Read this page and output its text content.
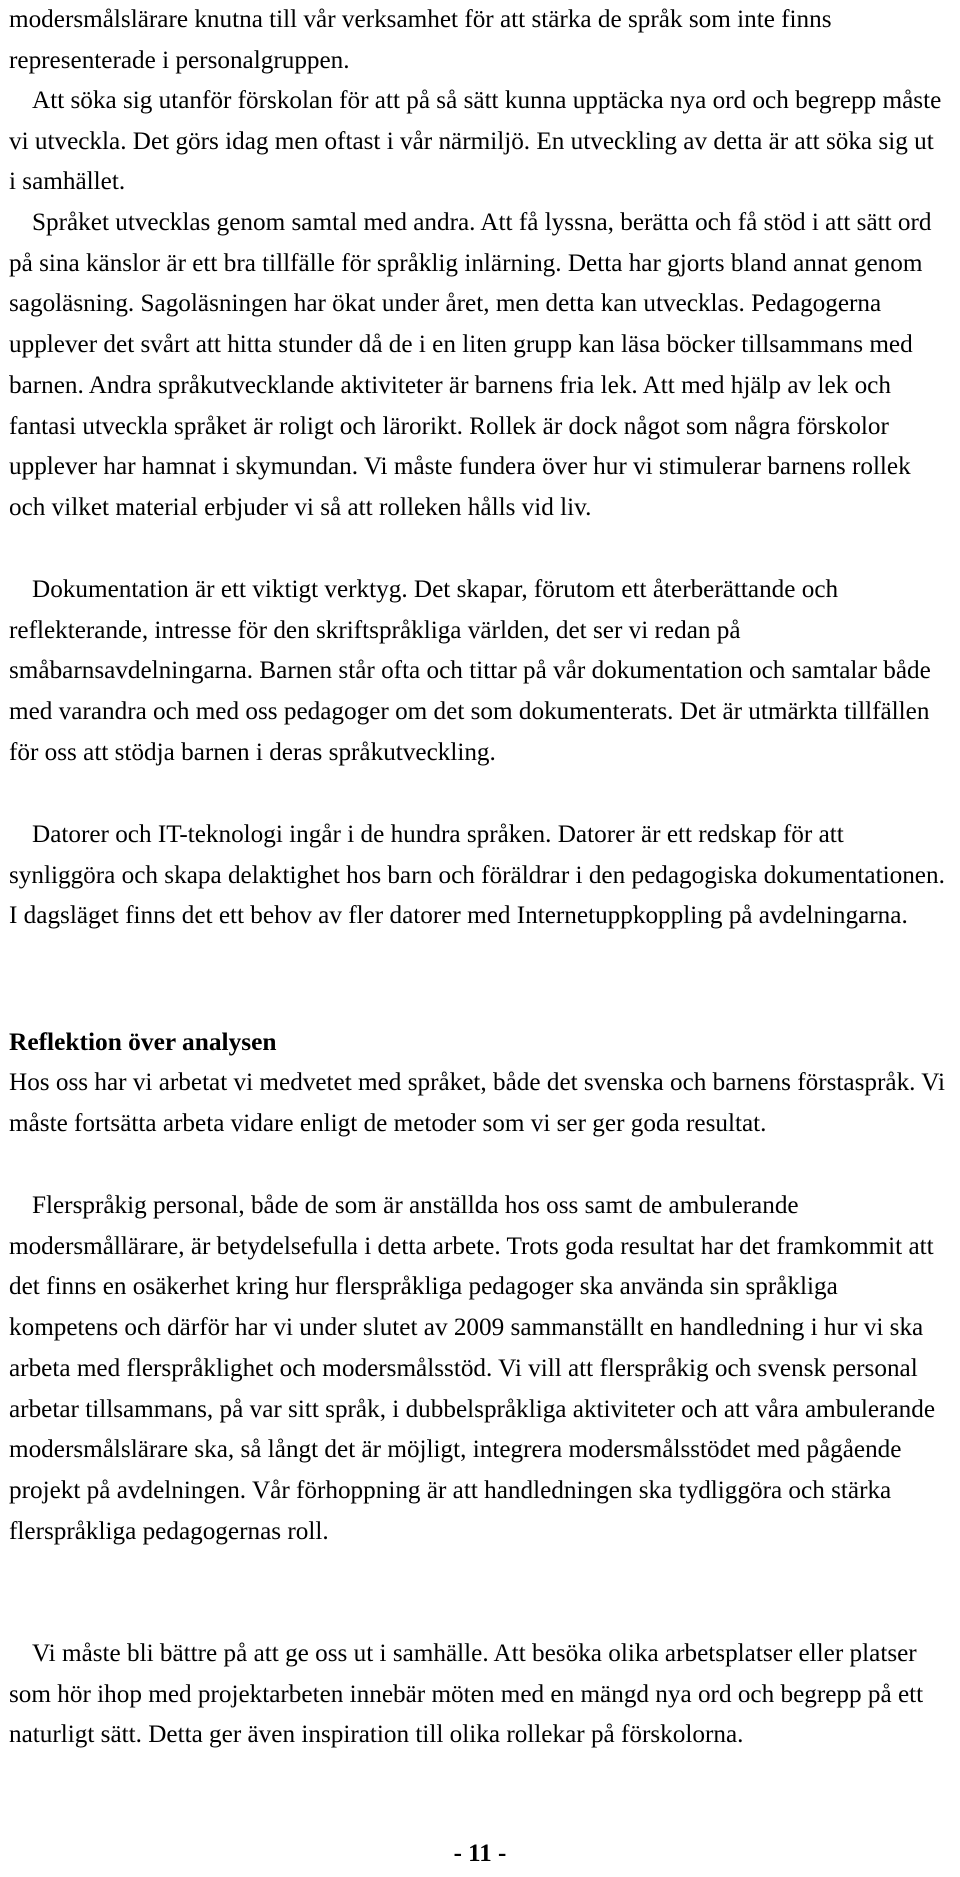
modersmålslärare knutna till vår verksamhet för att stärka de språk som inte finns representerade i personalgruppen.

Att söka sig utanför förskolan för att på så sätt kunna upptäcka nya ord och begrepp måste vi utveckla. Det görs idag men oftast i vår närmiljö. En utveckling av detta är att söka sig ut i samhället.

Språket utvecklas genom samtal med andra. Att få lyssna, berätta och få stöd i att sätt ord på sina känslor är ett bra tillfälle för språklig inlärning. Detta har gjorts bland annat genom sagoläsning. Sagoläsningen har ökat under året, men detta kan utvecklas. Pedagogerna upplever det svårt att hitta stunder då de i en liten grupp kan läsa böcker tillsammans med barnen. Andra språkutvecklande aktiviteter är barnens fria lek. Att med hjälp av lek och fantasi utveckla språket är roligt och lärorikt. Rollek är dock något som några förskolor upplever har hamnat i skymundan. Vi måste fundera över hur vi stimulerar barnens rollek och vilket material erbjuder vi så att rolleken hålls vid liv.

Dokumentation är ett viktigt verktyg. Det skapar, förutom ett återberättande och reflekterande, intresse för den skriftspråkliga världen, det ser vi redan på småbarnsavdelningarna. Barnen står ofta och tittar på vår dokumentation och samtalar både med varandra och med oss pedagoger om det som dokumenterats. Det är utmärkta tillfällen för oss att stödja barnen i deras språkutveckling.

Datorer och IT-teknologi ingår i de hundra språken. Datorer är ett redskap för att synliggöra och skapa delaktighet hos barn och föräldrar i den pedagogiska dokumentationen. I dagsläget finns det ett behov av fler datorer med Internetuppkoppling på avdelningarna.

Reflektion över analysen

Hos oss har vi arbetat vi medvetet med språket, både det svenska och barnens förstaspråk. Vi måste fortsätta arbeta vidare enligt de metoder som vi ser ger goda resultat.

Flerspråkig personal, både de som är anställda hos oss samt de ambulerande modersmållärare, är betydelsefulla i detta arbete. Trots goda resultat har det framkommit att det finns en osäkerhet kring hur flerspråkliga pedagoger ska använda sin språkliga kompetens och därför har vi under slutet av 2009 sammanställt en handledning i hur vi ska arbeta med flerspråklighet och modersmålsstöd. Vi vill att flerspråkig och svensk personal arbetar tillsammans, på var sitt språk, i dubbelspråkliga aktiviteter och att våra ambulerande modersmålslärare ska, så långt det är möjligt, integrera modersmålsstödet med pågående projekt på avdelningen. Vår förhoppning är att handledningen ska tydliggöra och stärka flerspråkliga pedagogernas roll.

Vi måste bli bättre på att ge oss ut i samhälle. Att besöka olika arbetsplatser eller platser som hör ihop med projektarbeten innebär möten med en mängd nya ord och begrepp på ett naturligt sätt. Detta ger även inspiration till olika rollekar på förskolorna.

- 11 -
